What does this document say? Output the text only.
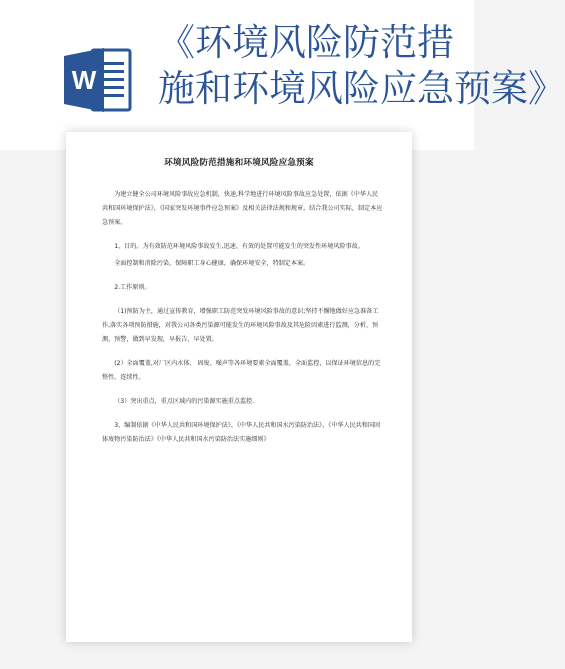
W
《环境风险防范措
施和环境风险应急预案》
环境风险防范措施和环境风险应急预案

为建立健全公司环境风险事故应急机制，快速,科学地进行环境风险事故应急处置，依据《中华人民共和国环境保护法》，《国家突发环境事件应急预案》及相关法律法规和规章，结合我公司实际，制定本应急预案。

1、目的。为有效防范环境风险事故发生,迅速、有效的处置可能发生的突发性环境风险事故。

全面控制和消除污染，保障职工身心健康，确保环境安全，特制定本案。

2.工作原则。

（1)预防为主，通过宣传教育，增强职工防范突发环境风险事故的意识;坚持不懈地做好应急准备工作,落实各项预防措施，对我公司各类污染源可能发生的环境风险事故及其危险因素进行监测，分析，预测，预警，做到早发现，早报告，早处置。

(2）全面覆盖,对厂区内水体、 固废、噪声等各环境要素全面覆盖，全面监控，以保证环境信息的完整性、连续性。

（3）突出重点，重点区域内的污染源实施重点监控.

3、编制依据《中华人民共和国环境保护法》、《中华人民共和国水污染防治法》、《中华人民共和国固体废物污染防治法》《中华人民共和国水污染防治法实施细则》
